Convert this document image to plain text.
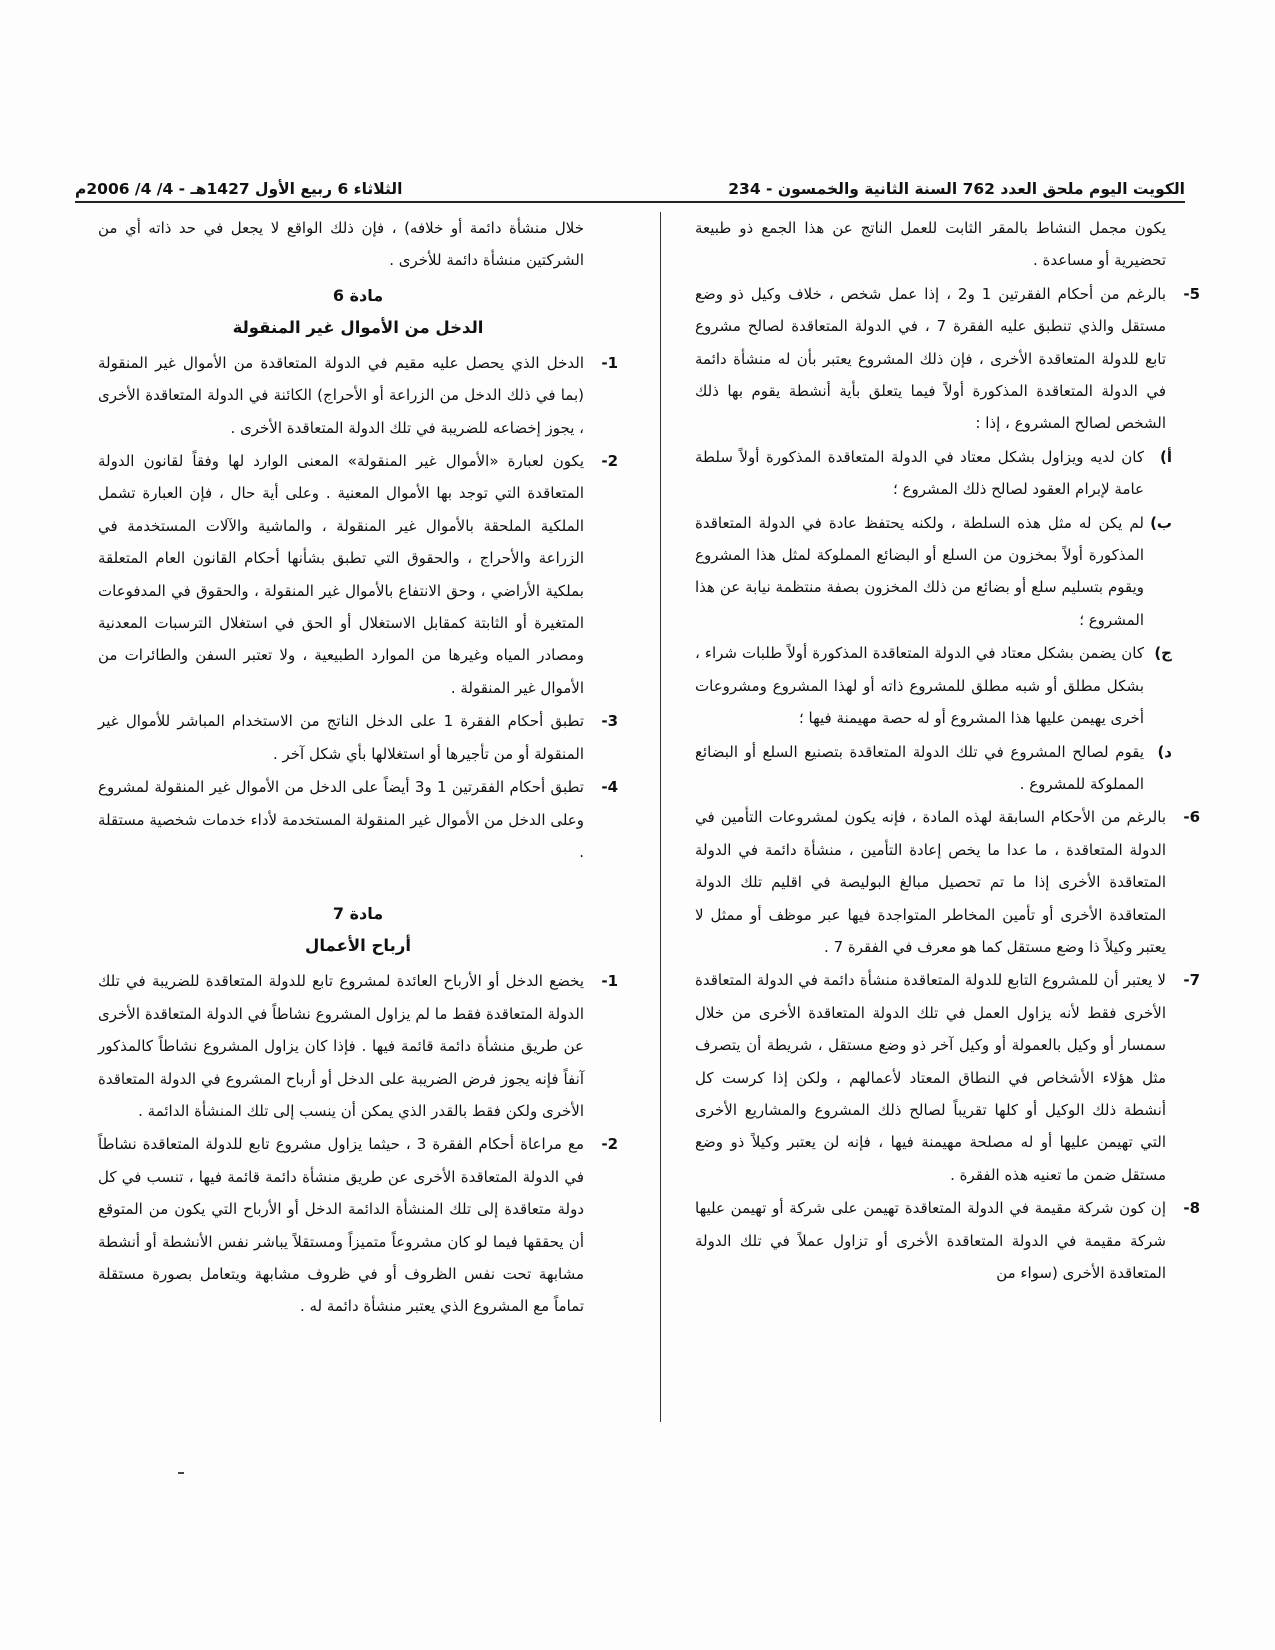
الكويت اليوم ملحق العدد 762 السنة الثانية والخمسون - 234
الثلاثاء 6 ربيع الأول 1427هـ - 4/ 4/ 2006م

يكون مجمل النشاط بالمقر الثابت للعمل الناتج عن هذا الجمع ذو طبيعة تحضيرية أو مساعدة .

5-
بالرغم من أحكام الفقرتين 1 و2 ، إذا عمل شخص ، خلاف وكيل ذو وضع مستقل والذي تنطبق عليه الفقرة 7 ، في الدولة المتعاقدة لصالح مشروع تابع للدولة المتعاقدة الأخرى ، فإن ذلك المشروع يعتبر بأن له منشأة دائمة في الدولة المتعاقدة المذكورة أولاً فيما يتعلق بأية أنشطة يقوم بها ذلك الشخص لصالح المشروع ، إذا :
أ)
كان لديه ويزاول بشكل معتاد في الدولة المتعاقدة المذكورة أولاً سلطة عامة لإبرام العقود لصالح ذلك المشروع ؛
ب)
لم يكن له مثل هذه السلطة ، ولكنه يحتفظ عادة في الدولة المتعاقدة المذكورة أولاً بمخزون من السلع أو البضائع المملوكة لمثل هذا المشروع ويقوم بتسليم سلع أو بضائع من ذلك المخزون بصفة منتظمة نيابة عن هذا المشروع ؛
ج)
كان يضمن بشكل معتاد في الدولة المتعاقدة المذكورة أولاً طلبات شراء ، بشكل مطلق أو شبه مطلق للمشروع ذاته أو لهذا المشروع ومشروعات أخرى يهيمن عليها هذا المشروع أو له حصة مهيمنة فيها ؛
د)
يقوم لصالح المشروع في تلك الدولة المتعاقدة بتصنيع السلع أو البضائع المملوكة للمشروع .
6-
بالرغم من الأحكام السابقة لهذه المادة ، فإنه يكون لمشروعات التأمين في الدولة المتعاقدة ، ما عدا ما يخص إعادة التأمين ، منشأة دائمة في الدولة المتعاقدة الأخرى إذا ما تم تحصيل مبالغ البوليصة في اقليم تلك الدولة المتعاقدة الأخرى أو تأمين المخاطر المتواجدة فيها عبر موظف أو ممثل لا يعتبر وكيلاً ذا وضع مستقل كما هو معرف في الفقرة 7 .
7-
لا يعتبر أن للمشروع التابع للدولة المتعاقدة منشأة دائمة في الدولة المتعاقدة الأخرى فقط لأنه يزاول العمل في تلك الدولة المتعاقدة الأخرى من خلال سمسار أو وكيل بالعمولة أو وكيل آخر ذو وضع مستقل ، شريطة أن يتصرف مثل هؤلاء الأشخاص في النطاق المعتاد لأعمالهم ، ولكن إذا كرست كل أنشطة ذلك الوكيل أو كلها تقريباً لصالح ذلك المشروع والمشاريع الأخرى التي تهيمن عليها أو له مصلحة مهيمنة فيها ، فإنه لن يعتبر وكيلاً ذو وضع مستقل ضمن ما تعنيه هذه الفقرة .
8-
إن كون شركة مقيمة في الدولة المتعاقدة تهيمن على شركة أو تهيمن عليها شركة مقيمة في الدولة المتعاقدة الأخرى أو تزاول عملاً في تلك الدولة المتعاقدة الأخرى (سواء من

خلال منشأة دائمة أو خلافه) ، فإن ذلك الواقع لا يجعل في حد ذاته أي من الشركتين منشأة دائمة للأخرى .

مادة 6
الدخل من الأموال غير المنقولة
1-
الدخل الذي يحصل عليه مقيم في الدولة المتعاقدة من الأموال غير المنقولة (بما في ذلك الدخل من الزراعة أو الأحراج) الكائنة في الدولة المتعاقدة الأخرى ، يجوز إخضاعه للضريبة في تلك الدولة المتعاقدة الأخرى .
2-
يكون لعبارة «الأموال غير المنقولة» المعنى الوارد لها وفقاً لقانون الدولة المتعاقدة التي توجد بها الأموال المعنية . وعلى أية حال ، فإن العبارة تشمل الملكية الملحقة بالأموال غير المنقولة ، والماشية والآلات المستخدمة في الزراعة والأحراج ، والحقوق التي تطبق بشأنها أحكام القانون العام المتعلقة بملكية الأراضي ، وحق الانتفاع بالأموال غير المنقولة ، والحقوق في المدفوعات المتغيرة أو الثابتة كمقابل الاستغلال أو الحق في استغلال الترسبات المعدنية ومصادر المياه وغيرها من الموارد الطبيعية ، ولا تعتبر السفن والطائرات من الأموال غير المنقولة .
3-
تطبق أحكام الفقرة 1 على الدخل الناتج من الاستخدام المباشر للأموال غير المنقولة أو من تأجيرها أو استغلالها بأي شكل آخر .
4-
تطبق أحكام الفقرتين 1 و3 أيضاً على الدخل من الأموال غير المنقولة لمشروع وعلى الدخل من الأموال غير المنقولة المستخدمة لأداء خدمات شخصية مستقلة .
مادة 7
أرباح الأعمال
1-
يخضع الدخل أو الأرباح العائدة لمشروع تابع للدولة المتعاقدة للضريبة في تلك الدولة المتعاقدة فقط ما لم يزاول المشروع نشاطاً في الدولة المتعاقدة الأخرى عن طريق منشأة دائمة قائمة فيها . فإذا كان يزاول المشروع نشاطاً كالمذكور آنفاً فإنه يجوز فرض الضريبة على الدخل أو أرباح المشروع في الدولة المتعاقدة الأخرى ولكن فقط بالقدر الذي يمكن أن ينسب إلى تلك المنشأة الدائمة .
2-
مع مراعاة أحكام الفقرة 3 ، حيثما يزاول مشروع تابع للدولة المتعاقدة نشاطاً في الدولة المتعاقدة الأخرى عن طريق منشأة دائمة قائمة فيها ، تنسب في كل دولة متعاقدة إلى تلك المنشأة الدائمة الدخل أو الأرباح التي يكون من المتوقع أن يحققها فيما لو كان مشروعاً متميزاً ومستقلاً يباشر نفس الأنشطة أو أنشطة مشابهة تحت نفس الظروف أو في ظروف مشابهة ويتعامل بصورة مستقلة تماماً مع المشروع الذي يعتبر منشأة دائمة له .
